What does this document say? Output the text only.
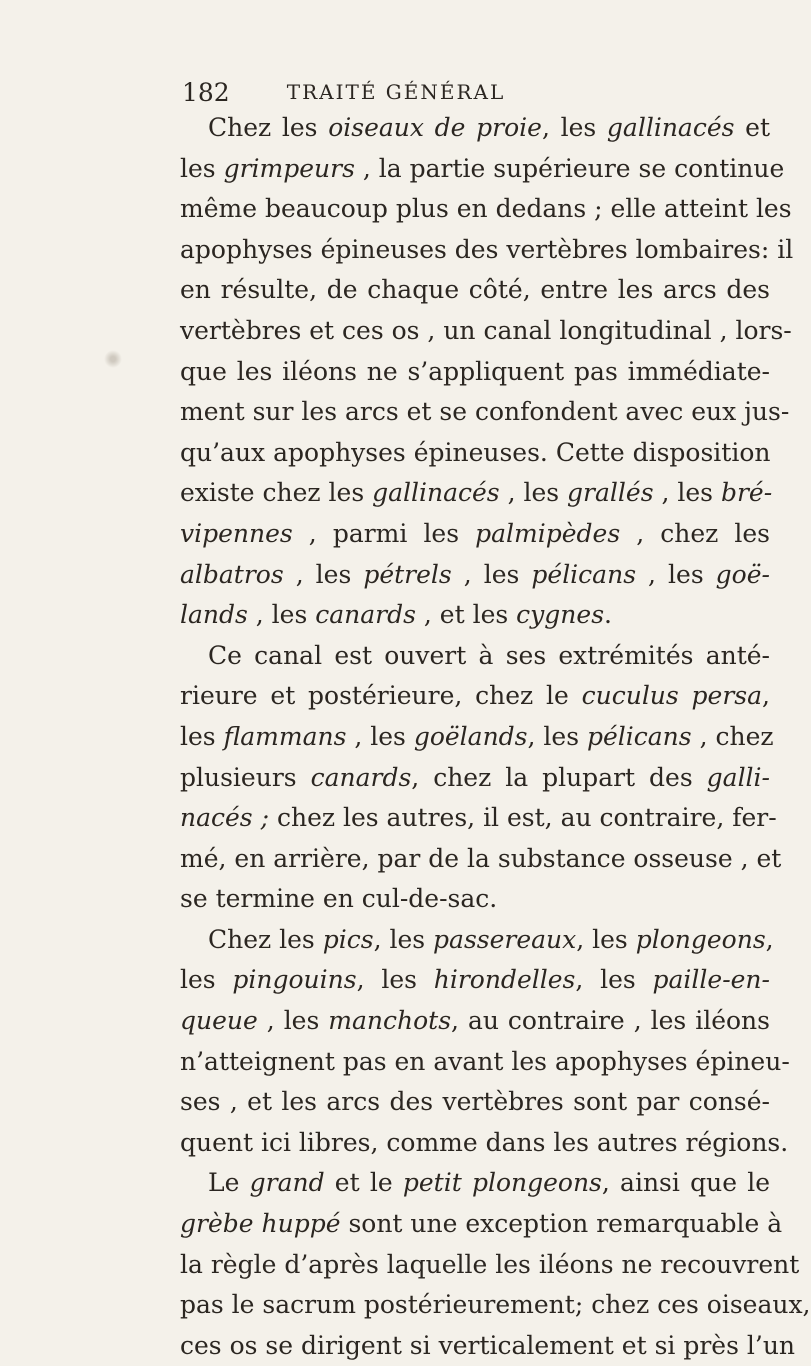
182	TRAITÉ GÉNÉRAL
Chez les oiseaux de proie, les gallinacés et
les grimpeurs , la partie supérieure se continue
même beaucoup plus en dedans ; elle atteint les
apophyses épineuses des vertèbres lombaires: il
en résulte, de chaque côté, entre les arcs des
vertèbres et ces os , un canal longitudinal , lors-
que les iléons ne s’appliquent pas immédiate-
ment sur les arcs et se confondent avec eux jus-
qu’aux apophyses épineuses. Cette disposition
existe chez les gallinacés , les grallés , les bré-
vipennes , parmi les palmipèdes , chez les
albatros , les pétrels , les pélicans , les goë-
lands , les canards , et les cygnes.
Ce canal est ouvert à ses extrémités anté-
rieure et postérieure, chez le cuculus persa,
les flammans , les goëlands, les pélicans , chez
plusieurs canards, chez la plupart des galli-
nacés ; chez les autres, il est, au contraire, fer-
mé, en arrière, par de la substance osseuse , et
se termine en cul-de-sac.
Chez les pics, les passereaux, les plongeons,
les pingouins, les hirondelles, les paille-en-
queue , les manchots, au contraire , les iléons
n’atteignent pas en avant les apophyses épineu-
ses , et les arcs des vertèbres sont par consé-
quent ici libres, comme dans les autres régions.
Le grand et le petit plongeons, ainsi que le
grèbe huppé sont une exception remarquable à
la règle d’après laquelle les iléons ne recouvrent
pas le sacrum postérieurement; chez ces oiseaux,
ces os se dirigent si verticalement et si près l’un
